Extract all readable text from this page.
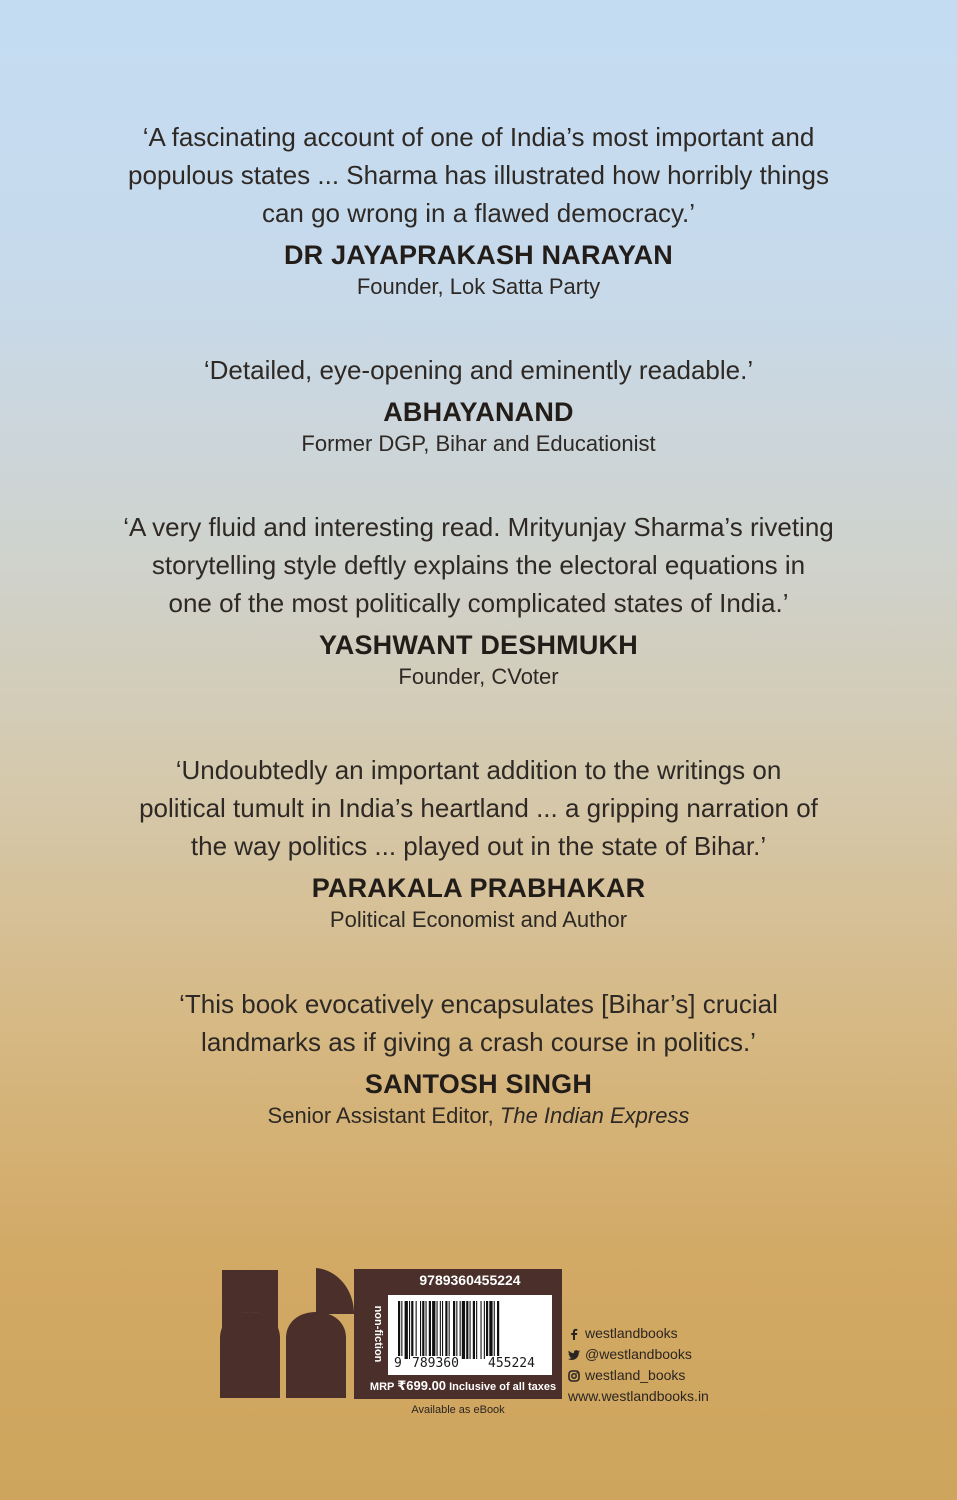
‘A fascinating account of one of India’s most important and
populous states ... Sharma has illustrated how horribly things
can go wrong in a flawed democracy.’
DR JAYAPRAKASH NARAYAN
Founder, Lok Satta Party
‘Detailed, eye-opening and eminently readable.’
ABHAYANAND
Former DGP, Bihar and Educationist
‘A very fluid and interesting read. Mrityunjay Sharma’s riveting
storytelling style deftly explains the electoral equations in
one of the most politically complicated states of India.’
YASHWANT DESHMUKH
Founder, CVoter
‘Undoubtedly an important addition to the writings on
political tumult in India’s heartland ... a gripping narration of
the way politics ... played out in the state of Bihar.’
PARAKALA PRABHAKAR
Political Economist and Author
‘This book evocatively encapsulates [Bihar’s] crucial
landmarks as if giving a crash course in politics.’
SANTOSH SINGH
Senior Assistant Editor, The Indian Express
9789360455224
non-fiction
9 789360 455224
MRP ₹699.00 Inclusive of all taxes
Available as eBook
westlandbooks
@westlandbooks
westland_books
www.westlandbooks.in
